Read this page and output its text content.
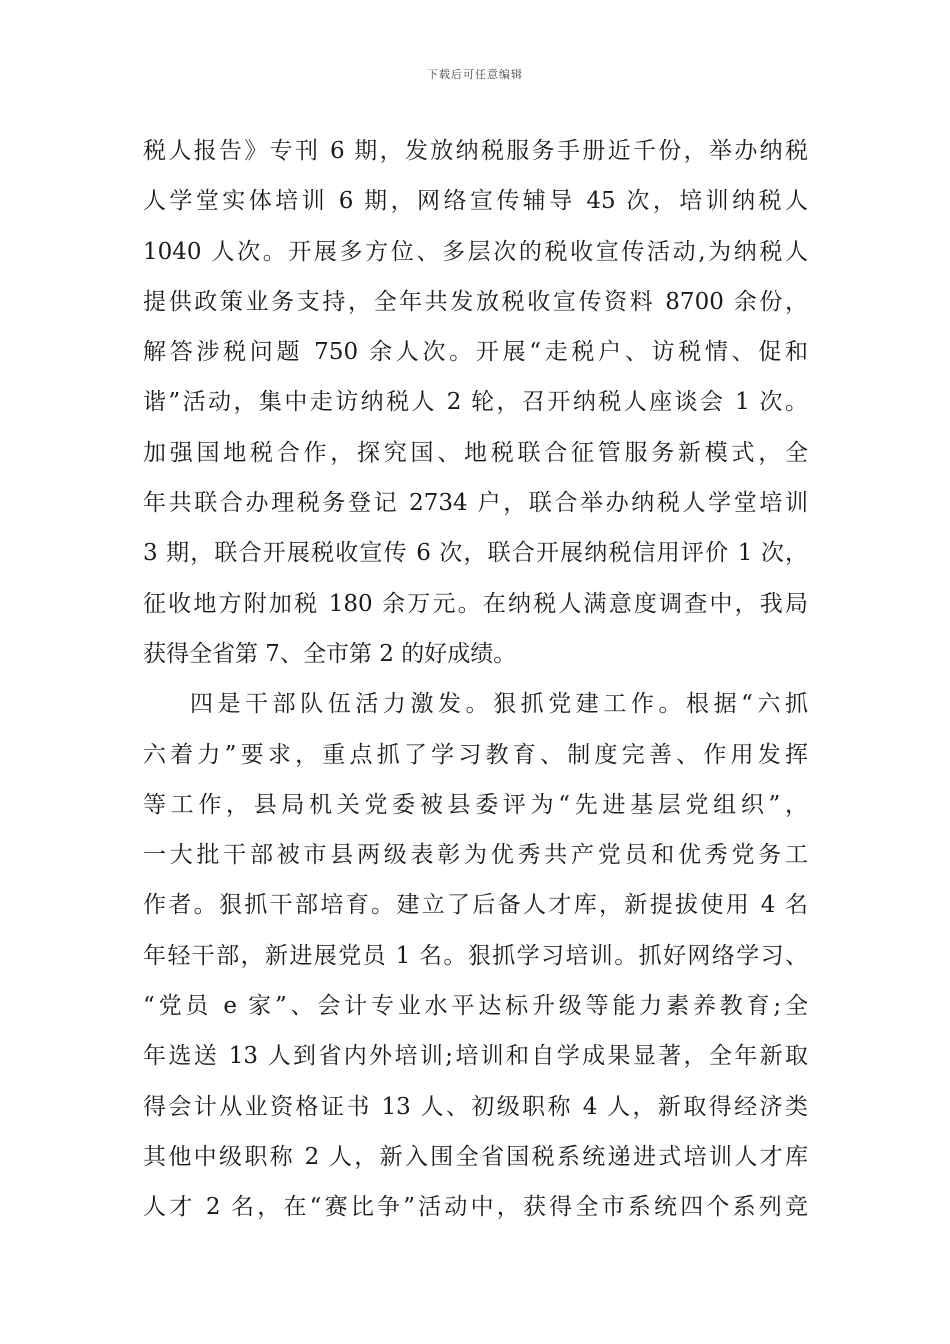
下载后可任意编辑
税人报告》专刊 6 期，发放纳税服务手册近千份，举办纳税
人学堂实体培训 6 期，网络宣传辅导 45 次，培训纳税人
1040 人次。开展多方位、多层次的税收宣传活动,为纳税人
提供政策业务支持，全年共发放税收宣传资料 8700 余份，
解答涉税问题 750 余人次。开展“走税户、访税情、促和
谐”活动，集中走访纳税人 2 轮，召开纳税人座谈会 1 次。
加强国地税合作，探究国、地税联合征管服务新模式，全
年共联合办理税务登记 2734 户，联合举办纳税人学堂培训
3 期，联合开展税收宣传 6 次，联合开展纳税信用评价 1 次，
征收地方附加税 180 余万元。在纳税人满意度调查中，我局
获得全省第 7、全市第 2 的好成绩。
四是干部队伍活力激发。狠抓党建工作。根据“六抓
六着力”要求，重点抓了学习教育、制度完善、作用发挥
等工作，县局机关党委被县委评为“先进基层党组织”，
一大批干部被市县两级表彰为优秀共产党员和优秀党务工
作者。狠抓干部培育。建立了后备人才库，新提拔使用 4 名
年轻干部，新进展党员 1 名。狠抓学习培训。抓好网络学习、
“党员 e 家”、会计专业水平达标升级等能力素养教育;全
年选送 13 人到省内外培训;培训和自学成果显著，全年新取
得会计从业资格证书 13 人、初级职称 4 人，新取得经济类
其他中级职称 2 人，新入围全省国税系统递进式培训人才库
人才 2 名，在“赛比争”活动中，获得全市系统四个系列竞
